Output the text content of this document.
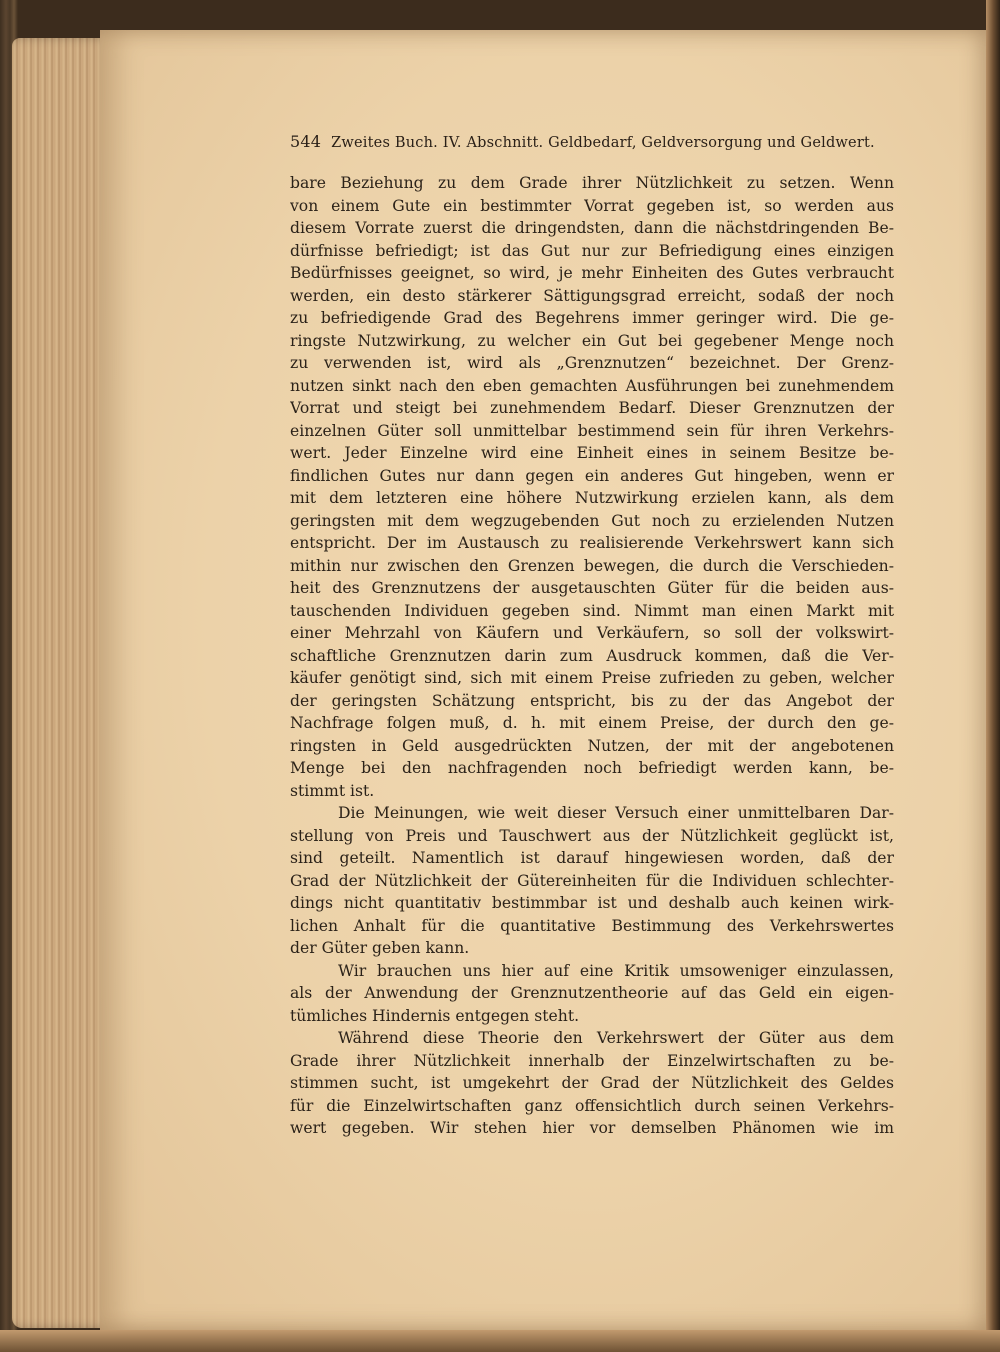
544 Zweites Buch. IV. Abschnitt. Geldbedarf, Geldversorgung und Geldwert.
bare Beziehung zu dem Grade ihrer Nützlichkeit zu setzen. Wenn
von einem Gute ein bestimmter Vorrat gegeben ist, so werden aus
diesem Vorrate zuerst die dringendsten, dann die nächstdringenden Be-
dürfnisse befriedigt; ist das Gut nur zur Befriedigung eines einzigen
Bedürfnisses geeignet, so wird, je mehr Einheiten des Gutes verbraucht
werden, ein desto stärkerer Sättigungsgrad erreicht, sodaß der noch
zu befriedigende Grad des Begehrens immer geringer wird. Die ge-
ringste Nutzwirkung, zu welcher ein Gut bei gegebener Menge noch
zu verwenden ist, wird als „Grenznutzen“ bezeichnet. Der Grenz-
nutzen sinkt nach den eben gemachten Ausführungen bei zunehmendem
Vorrat und steigt bei zunehmendem Bedarf. Dieser Grenznutzen der
einzelnen Güter soll unmittelbar bestimmend sein für ihren Verkehrs-
wert. Jeder Einzelne wird eine Einheit eines in seinem Besitze be-
findlichen Gutes nur dann gegen ein anderes Gut hingeben, wenn er
mit dem letzteren eine höhere Nutzwirkung erzielen kann, als dem
geringsten mit dem wegzugebenden Gut noch zu erzielenden Nutzen
entspricht. Der im Austausch zu realisierende Verkehrswert kann sich
mithin nur zwischen den Grenzen bewegen, die durch die Verschieden-
heit des Grenznutzens der ausgetauschten Güter für die beiden aus-
tauschenden Individuen gegeben sind. Nimmt man einen Markt mit
einer Mehrzahl von Käufern und Verkäufern, so soll der volkswirt-
schaftliche Grenznutzen darin zum Ausdruck kommen, daß die Ver-
käufer genötigt sind, sich mit einem Preise zufrieden zu geben, welcher
der geringsten Schätzung entspricht, bis zu der das Angebot der
Nachfrage folgen muß, d. h. mit einem Preise, der durch den ge-
ringsten in Geld ausgedrückten Nutzen, der mit der angebotenen
Menge bei den nachfragenden noch befriedigt werden kann, be-
stimmt ist.
Die Meinungen, wie weit dieser Versuch einer unmittelbaren Dar-
stellung von Preis und Tauschwert aus der Nützlichkeit geglückt ist,
sind geteilt. Namentlich ist darauf hingewiesen worden, daß der
Grad der Nützlichkeit der Gütereinheiten für die Individuen schlechter-
dings nicht quantitativ bestimmbar ist und deshalb auch keinen wirk-
lichen Anhalt für die quantitative Bestimmung des Verkehrswertes
der Güter geben kann.
Wir brauchen uns hier auf eine Kritik umsoweniger einzulassen,
als der Anwendung der Grenznutzentheorie auf das Geld ein eigen-
tümliches Hindernis entgegen steht.
Während diese Theorie den Verkehrswert der Güter aus dem
Grade ihrer Nützlichkeit innerhalb der Einzelwirtschaften zu be-
stimmen sucht, ist umgekehrt der Grad der Nützlichkeit des Geldes
für die Einzelwirtschaften ganz offensichtlich durch seinen Verkehrs-
wert gegeben. Wir stehen hier vor demselben Phänomen wie im
